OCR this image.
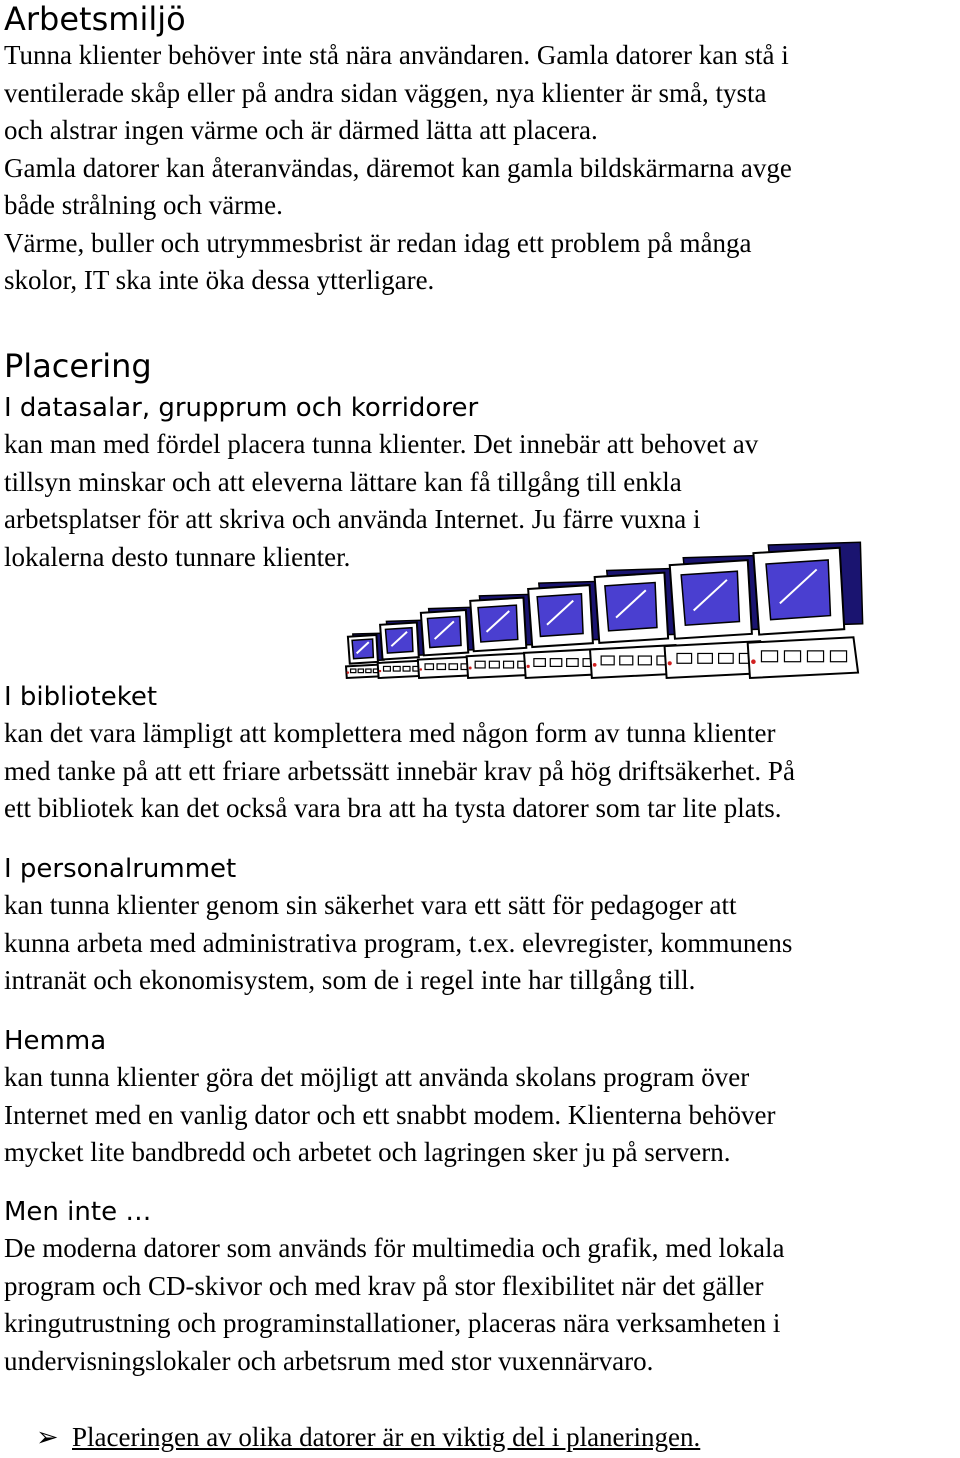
Arbetsmiljö
Tunna klienter behöver inte stå nära användaren. Gamla datorer kan stå i
ventilerade skåp eller på andra sidan väggen, nya klienter är små, tysta
och alstrar ingen värme och är därmed lätta att placera.
Gamla datorer kan återanvändas, däremot kan gamla bildskärmarna avge
både strålning och värme.
Värme, buller och utrymmesbrist är redan idag ett problem på många
skolor, IT ska inte öka dessa ytterligare.
Placering
I datasalar, grupprum och korridorer
kan man med fördel placera tunna klienter. Det innebär att behovet av
tillsyn minskar och att eleverna lättare kan få tillgång till enkla
arbetsplatser för att skriva och använda Internet. Ju färre vuxna i
lokalerna desto tunnare klienter.
I biblioteket
kan det vara lämpligt att komplettera med någon form av tunna klienter
med tanke på att ett friare arbetssätt innebär krav på hög driftsäkerhet. På
ett bibliotek kan det också vara bra att ha tysta datorer som tar lite plats.
I personalrummet
kan tunna klienter genom sin säkerhet vara ett sätt för pedagoger att
kunna arbeta med administrativa program, t.ex. elevregister, kommunens
intranät och ekonomisystem, som de i regel inte har tillgång till.
Hemma
kan tunna klienter göra det möjligt att använda skolans program över
Internet med en vanlig dator och ett snabbt modem. Klienterna behöver
mycket lite bandbredd och arbetet och lagringen sker ju på servern.
Men inte …
De moderna datorer som används för multimedia och grafik, med lokala
program och CD-skivor och med krav på stor flexibilitet när det gäller
kringutrustning och programinstallationer, placeras nära verksamheten i
undervisningslokaler och arbetsrum med stor vuxennärvaro.
➢ Placeringen av olika datorer är en viktig del i planeringen.
